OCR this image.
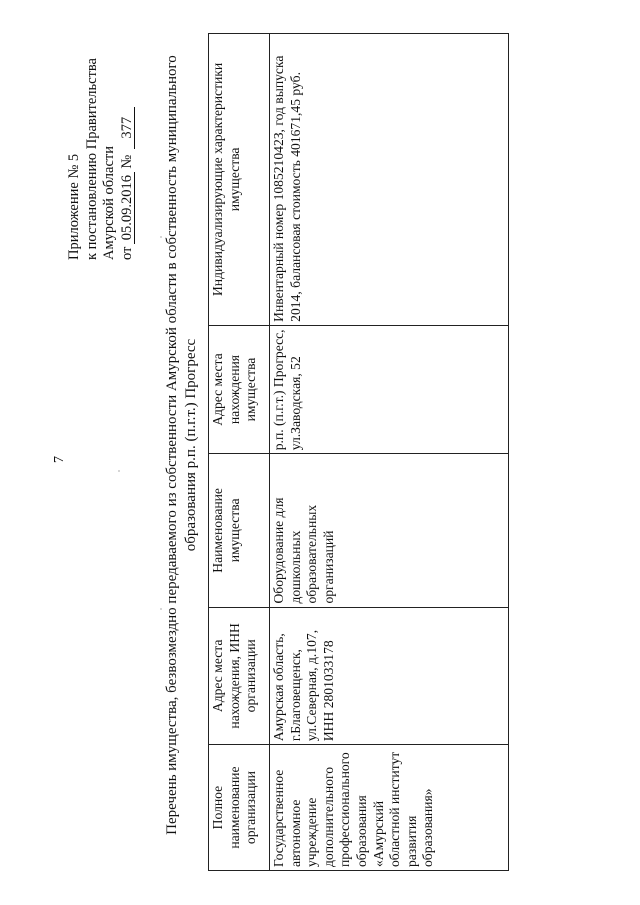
7
Приложение № 5 к постановлению Правительства Амурской области от05.09.2016№377 Перечень имущества, безвозмездно передаваемого из собственности Амурской области в собственность муниципального образования р.п. (п.г.т.) Прогресс
Полное наименование организации	Адрес места нахождения, ИНН организации	Наименование имущества	Адрес места нахождения имущества	Индивидуализирующие характеристики имущества
Государственное автономное учреждение дополнительного профессионального образования «Амурский областной институт развития образования»	Амурская область, г.Благовещенск, ул.Северная, д.107, ИНН 2801033178	Оборудование для дошкольных образовательных организаций	р.п. (п.г.т.) Прогресс, ул.Заводская, 52	Инвентарный номер 108521042З, год выпуска 2014, балансовая стоимость 401671,45 руб.
